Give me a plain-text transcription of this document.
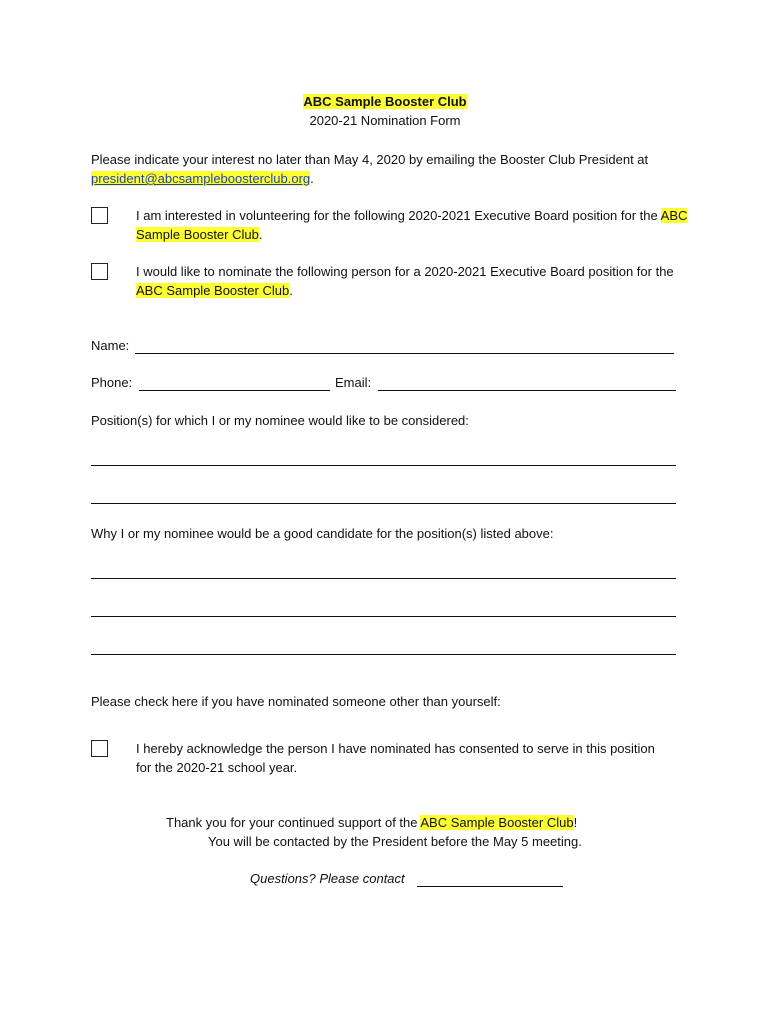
ABC Sample Booster Club
2020-21 Nomination Form
Please indicate your interest no later than May 4, 2020 by emailing the Booster Club President at president@abcsampleboosterclub.org.
I am interested in volunteering for the following 2020-2021 Executive Board position for the ABC Sample Booster Club.
I would like to nominate the following person for a 2020-2021 Executive Board position for the ABC Sample Booster Club.
Name:
Phone:	Email:
Position(s) for which I or my nominee would like to be considered:
Why I or my nominee would be a good candidate for the position(s) listed above:
Please check here if you have nominated someone other than yourself:
I hereby acknowledge the person I have nominated has consented to serve in this position for the 2020-21 school year.
Thank you for your continued support of the ABC Sample Booster Club!
You will be contacted by the President before the May 5 meeting.
Questions? Please contact
